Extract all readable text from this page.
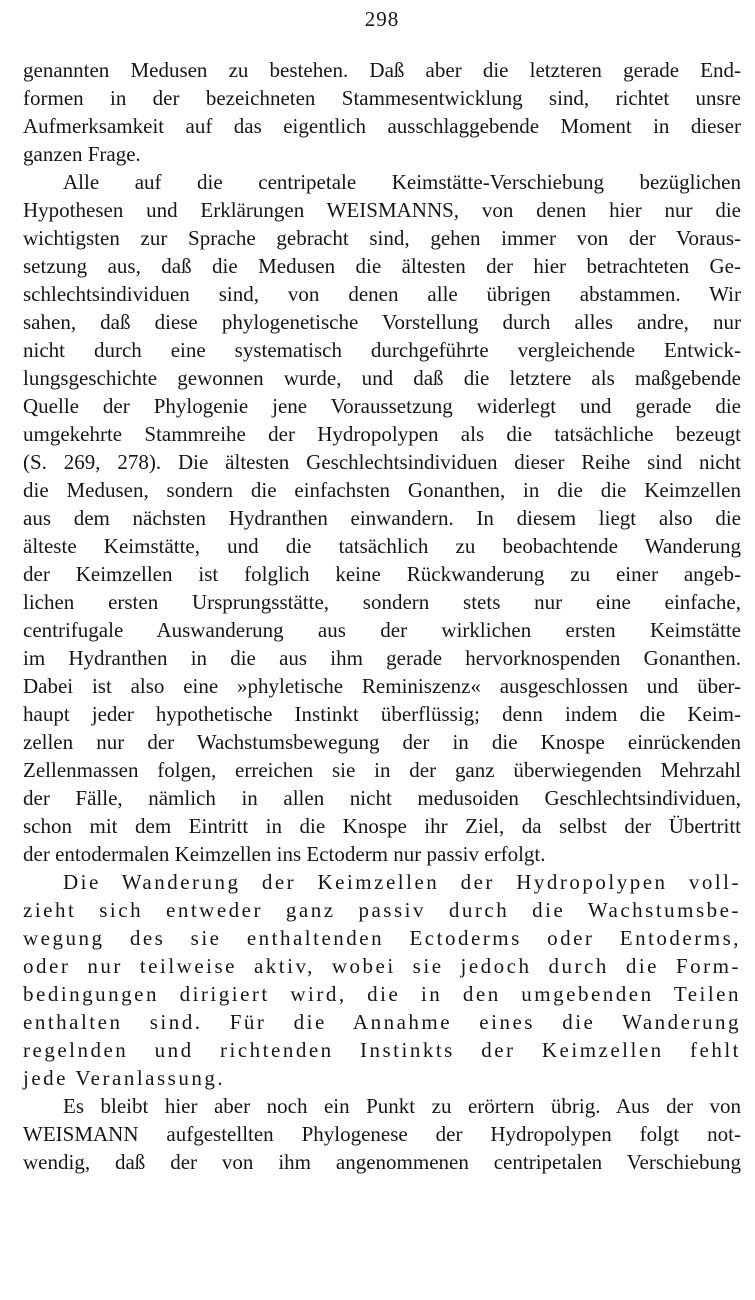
298
genannten Medusen zu bestehen. Daß aber die letzteren gerade End-
formen in der bezeichneten Stammesentwicklung sind, richtet unsre
Aufmerksamkeit auf das eigentlich ausschlaggebende Moment in dieser
ganzen Frage.
Alle auf die centripetale Keimstätte-Verschiebung bezüglichen
Hypothesen und Erklärungen WEISMANNS, von denen hier nur die
wichtigsten zur Sprache gebracht sind, gehen immer von der Voraus-
setzung aus, daß die Medusen die ältesten der hier betrachteten Ge-
schlechtsindividuen sind, von denen alle übrigen abstammen. Wir
sahen, daß diese phylogenetische Vorstellung durch alles andre, nur
nicht durch eine systematisch durchgeführte vergleichende Entwick-
lungsgeschichte gewonnen wurde, und daß die letztere als maßgebende
Quelle der Phylogenie jene Voraussetzung widerlegt und gerade die
umgekehrte Stammreihe der Hydropolypen als die tatsächliche bezeugt
(S. 269, 278). Die ältesten Geschlechtsindividuen dieser Reihe sind nicht
die Medusen, sondern die einfachsten Gonanthen, in die die Keimzellen
aus dem nächsten Hydranthen einwandern. In diesem liegt also die
älteste Keimstätte, und die tatsächlich zu beobachtende Wanderung
der Keimzellen ist folglich keine Rückwanderung zu einer angeb-
lichen ersten Ursprungsstätte, sondern stets nur eine einfache,
centrifugale Auswanderung aus der wirklichen ersten Keimstätte
im Hydranthen in die aus ihm gerade hervorknospenden Gonanthen.
Dabei ist also eine »phyletische Reminiszenz« ausgeschlossen und über-
haupt jeder hypothetische Instinkt überflüssig; denn indem die Keim-
zellen nur der Wachstumsbewegung der in die Knospe einrückenden
Zellenmassen folgen, erreichen sie in der ganz überwiegenden Mehrzahl
der Fälle, nämlich in allen nicht medusoiden Geschlechtsindividuen,
schon mit dem Eintritt in die Knospe ihr Ziel, da selbst der Übertritt
der entodermalen Keimzellen ins Ectoderm nur passiv erfolgt.
Die Wanderung der Keimzellen der Hydropolypen voll-
zieht sich entweder ganz passiv durch die Wachstumsbe-
wegung des sie enthaltenden Ectoderms oder Entoderms,
oder nur teilweise aktiv, wobei sie jedoch durch die Form-
bedingungen dirigiert wird, die in den umgebenden Teilen
enthalten sind. Für die Annahme eines die Wanderung
regelnden und richtenden Instinkts der Keimzellen fehlt
jede Veranlassung.
Es bleibt hier aber noch ein Punkt zu erörtern übrig. Aus der von
WEISMANN aufgestellten Phylogenese der Hydropolypen folgt not-
wendig, daß der von ihm angenommenen centripetalen Verschiebung
